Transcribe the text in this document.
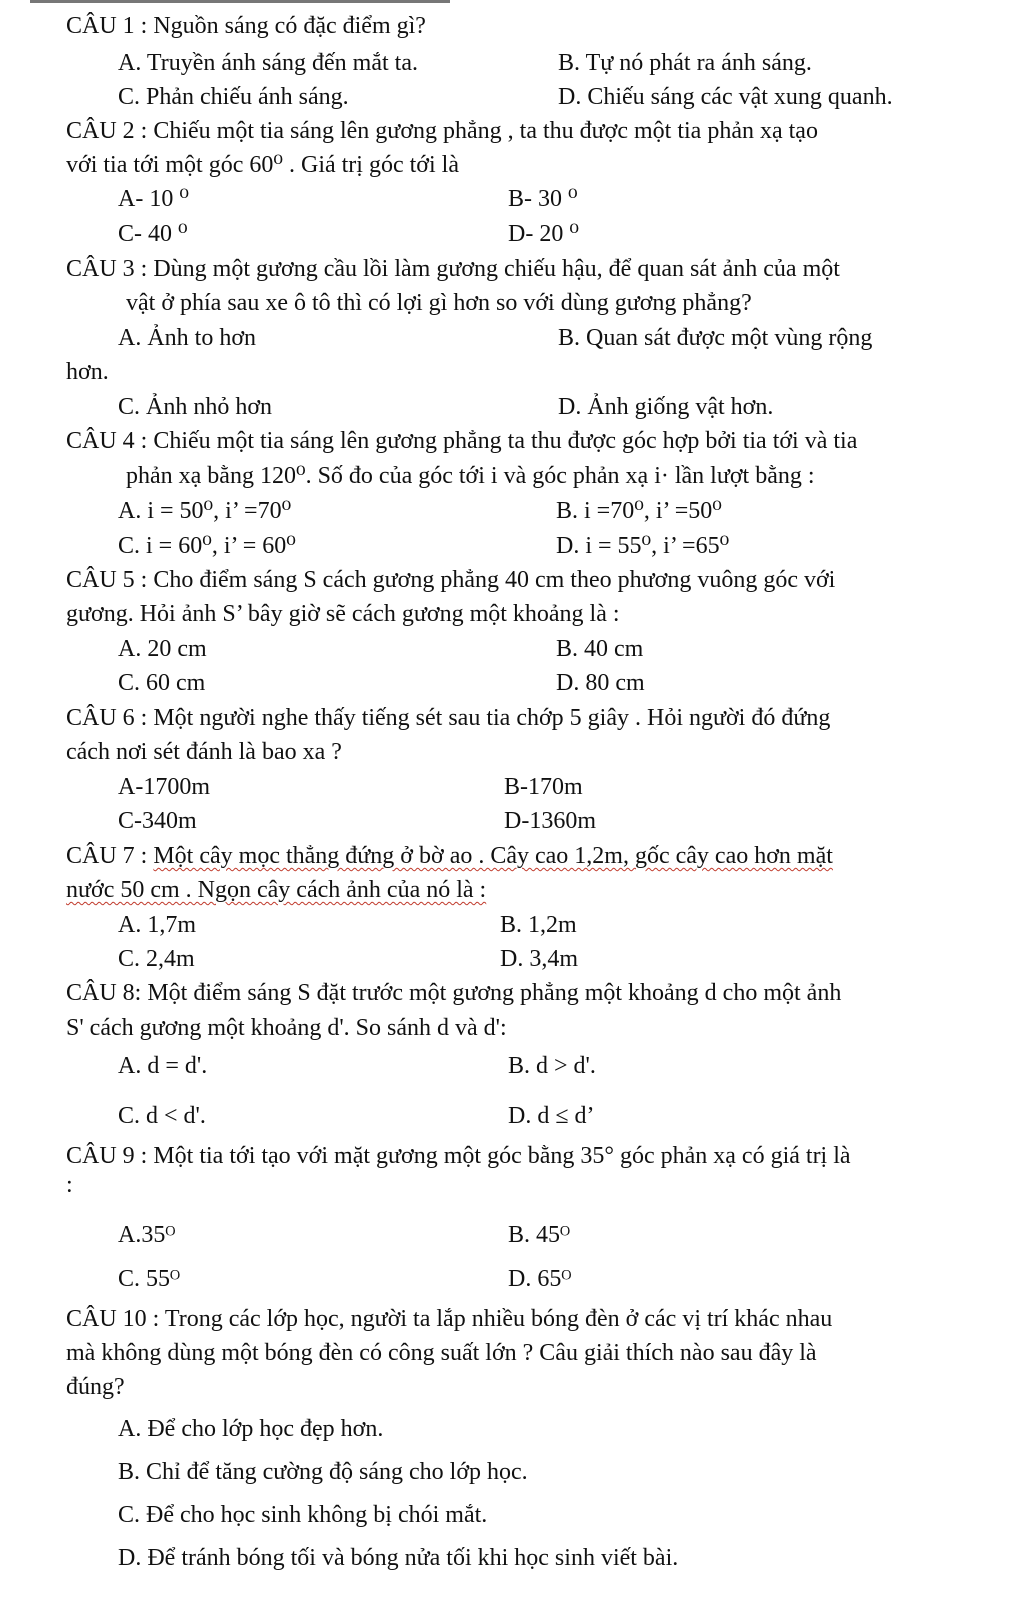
CÂU 1 : Nguồn sáng có đặc điểm gì?
A. Truyền ánh sáng đến mắt ta.	B. Tự nó phát ra ánh sáng.
C. Phản chiếu ánh sáng.	D. Chiếu sáng các vật xung quanh.
CÂU 2 : Chiếu một tia sáng lên gương phẳng , ta thu được một tia phản xạ tạo
với tia tới một góc 60⁰ . Giá trị góc tới là
A- 10 ⁰	B- 30 ⁰
C- 40 ⁰	D- 20 ⁰
CÂU 3 : Dùng một gương cầu lồi làm gương chiếu hậu, để quan sát ảnh của một
vật ở phía sau xe ô tô thì có lợi gì hơn so với dùng gương phẳng?
A. Ảnh to hơn	B. Quan sát được một vùng rộng
hơn.
C. Ảnh nhỏ hơn	D. Ảnh giống vật hơn.
CÂU 4 : Chiếu một tia sáng lên gương phẳng ta thu được góc hợp bởi tia tới và tia
phản xạ bằng 120⁰. Số đo của góc tới i và góc phản xạ i· lần lượt bằng :
A. i = 50⁰, i’ =70⁰	B. i =70⁰, i’ =50⁰
C. i = 60⁰, i’ = 60⁰	D. i = 55⁰, i’ =65⁰
CÂU 5 : Cho điểm sáng S cách gương phẳng 40 cm theo phương vuông góc với
gương. Hỏi ảnh S’ bây giờ sẽ cách gương một khoảng là :
A. 20 cm	B. 40 cm
C. 60 cm	D. 80 cm
CÂU 6 : Một người nghe thấy tiếng sét sau tia chớp 5 giây . Hỏi người đó đứng
cách nơi sét đánh là bao xa ?
A-1700m	B-170m
C-340m	D-1360m
CÂU 7 : Một cây mọc thẳng đứng ở bờ ao . Cây cao 1,2m, gốc cây cao hơn mặt
nước 50 cm . Ngọn cây cách ảnh của nó là :
A. 1,7m	B. 1,2m
C. 2,4m	D. 3,4m
CÂU 8: Một điểm sáng S đặt trước một gương phẳng một khoảng d cho một ảnh
S' cách gương một khoảng d'. So sánh d và d':
A. d = d'.	B. d > d'.
C. d < d'.	D. d ≤ d’
CÂU 9 : Một tia tới tạo với mặt gương một góc bằng 35° góc phản xạ có giá trị là
:
A.35ᴼ	B. 45ᴼ
C. 55ᴼ	D. 65ᴼ
CÂU 10 : Trong các lớp học, người ta lắp nhiều bóng đèn ở các vị trí khác nhau
mà không dùng một bóng đèn có công suất lớn ? Câu giải thích nào sau đây là
đúng?
A. Để cho lớp học đẹp hơn.
B. Chỉ để tăng cường độ sáng cho lớp học.
C. Để cho học sinh không bị chói mắt.
D. Để tránh bóng tối và bóng nửa tối khi học sinh viết bài.
